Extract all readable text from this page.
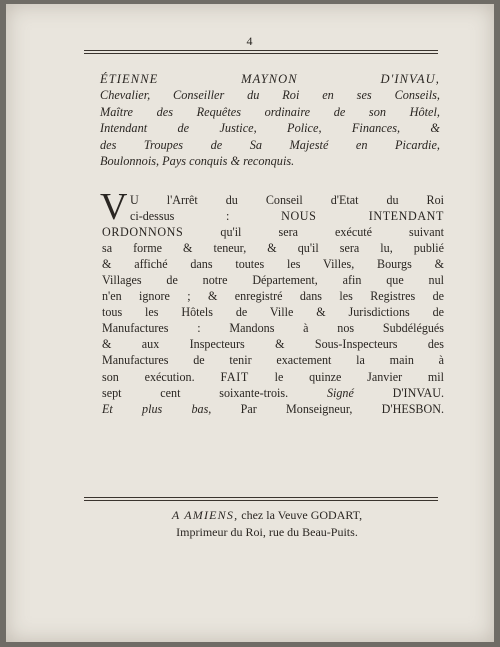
4
ÉTIENNE MAYNON D'INVAU,
Chevalier, Conseiller du Roi en ses Conseils,
Maître des Requêtes ordinaire de son Hôtel,
Intendant de Justice, Police, Finances, &
des Troupes de Sa Majesté en Picardie,
Boulonnois, Pays conquis & reconquis.
V U l'Arrêt du Conseil d'Etat du Roi
ci-dessus : NOUS INTENDANT
ORDONNONS qu'il sera exécuté suivant
sa forme & teneur, & qu'il sera lu, publié
& affiché dans toutes les Villes, Bourgs &
Villages de notre Département, afin que nul
n'en ignore ; & enregistré dans les Registres de
tous les Hôtels de Ville & Jurisdictions de
Manufactures : Mandons à nos Subdélégués
& aux Inspecteurs & Sous-Inspecteurs des
Manufactures de tenir exactement la main à
son exécution. FAIT le quinze Janvier mil
sept cent soixante-trois. Signé D'INVAU.
Et plus bas, Par Monseigneur, D'HESBON.
A AMIENS, chez la Veuve GODART,
Imprimeur du Roi, rue du Beau-Puits.
